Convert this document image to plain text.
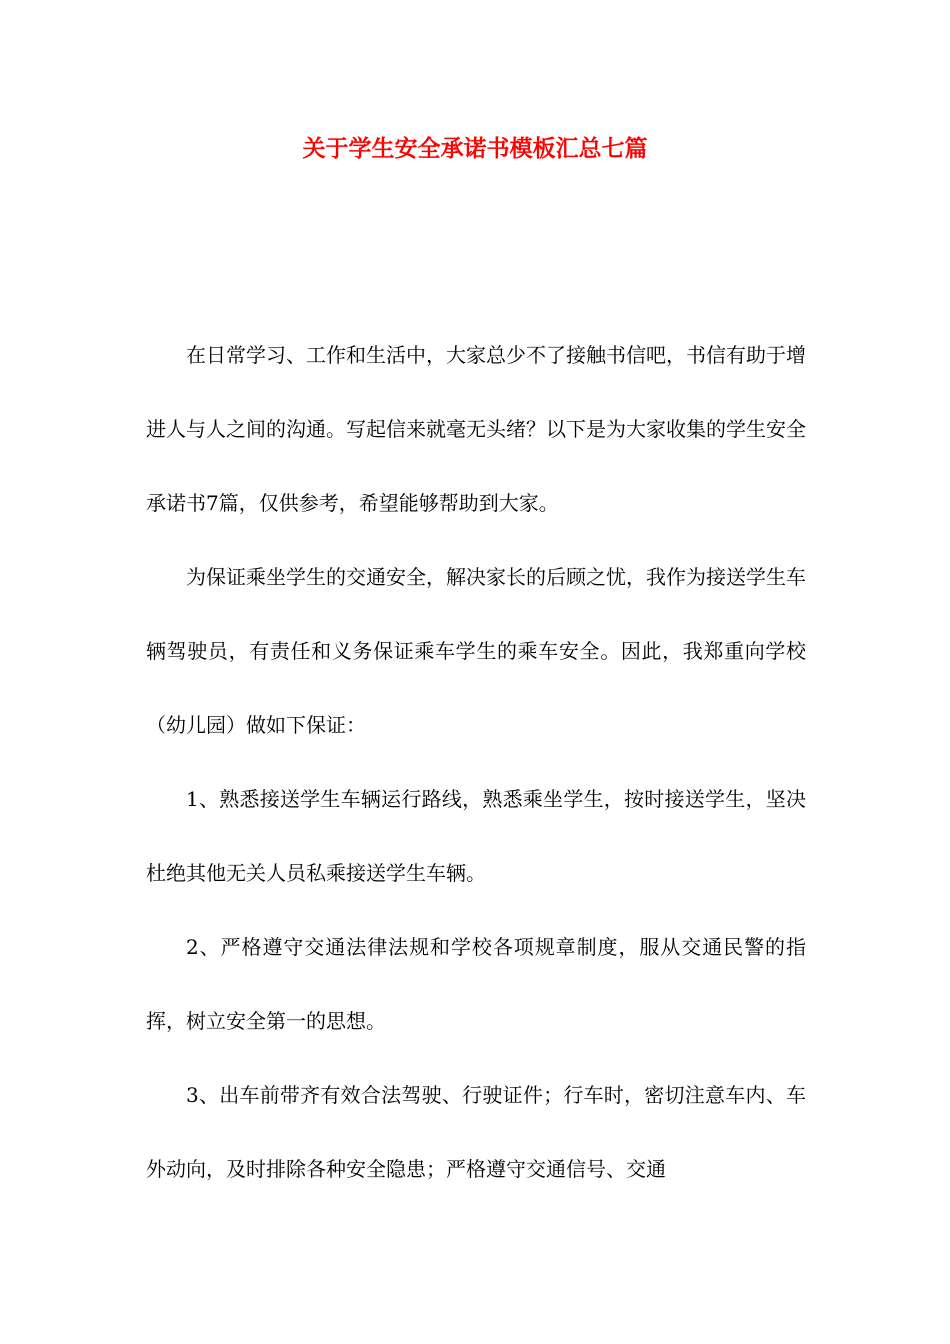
关于学生安全承诺书模板汇总七篇

在日常学习、工作和生活中，大家总少不了接触书信吧，书信有助于增进人与人之间的沟通。写起信来就毫无头绪？以下是为大家收集的学生安全承诺书7篇，仅供参考，希望能够帮助到大家。

为保证乘坐学生的交通安全，解决家长的后顾之忧，我作为接送学生车辆驾驶员，有责任和义务保证乘车学生的乘车安全。因此，我郑重向学校（幼儿园）做如下保证：

1、熟悉接送学生车辆运行路线，熟悉乘坐学生，按时接送学生，坚决杜绝其他无关人员私乘接送学生车辆。

2、严格遵守交通法律法规和学校各项规章制度，服从交通民警的指挥，树立安全第一的思想。

3、出车前带齐有效合法驾驶、行驶证件；行车时，密切注意车内、车外动向，及时排除各种安全隐患；严格遵守交通信号、交通
